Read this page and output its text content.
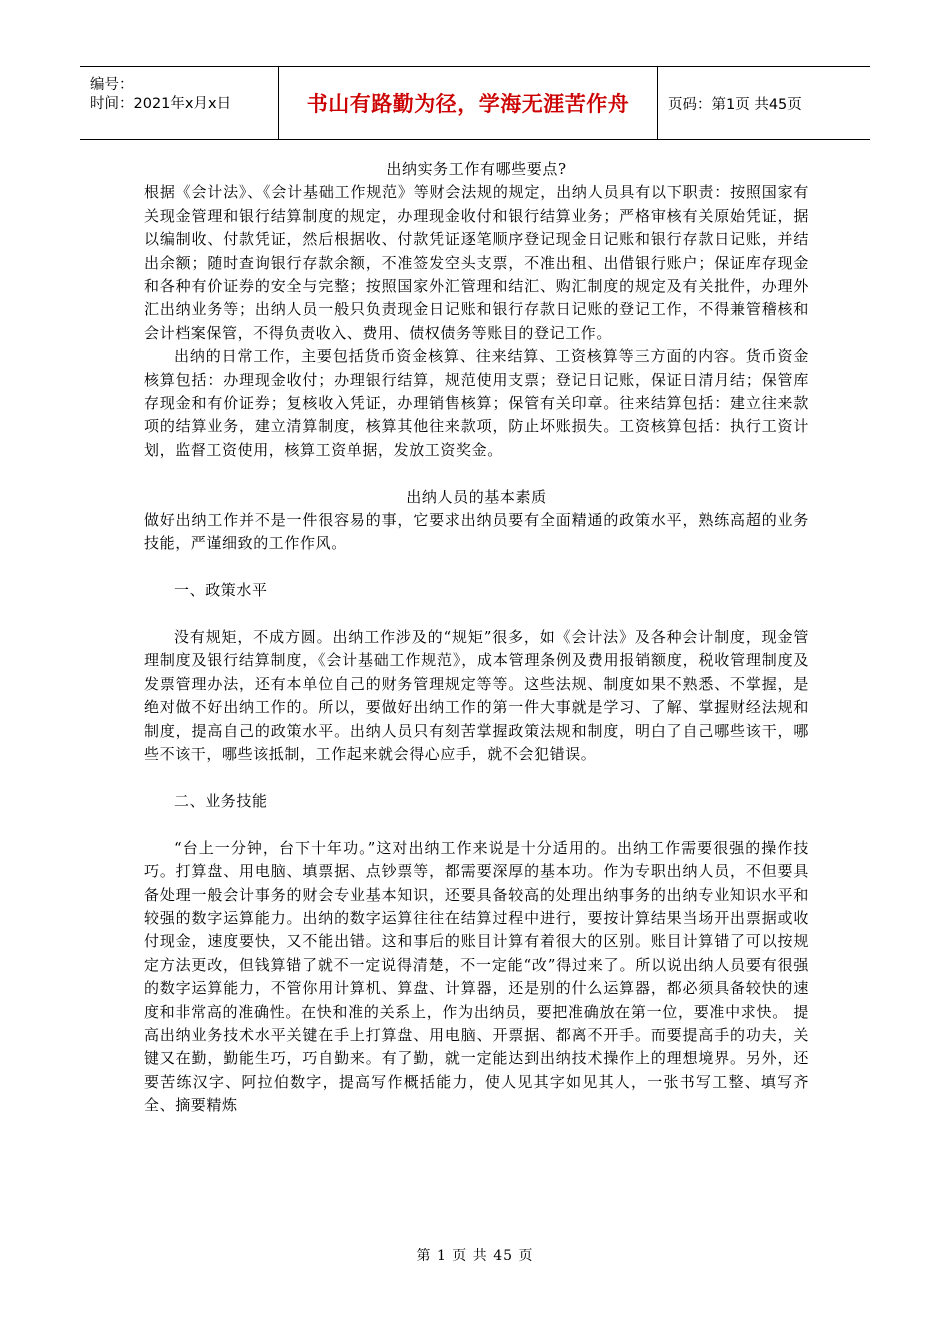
编号：
时间：2021年x月x日	书山有路勤为径，学海无涯苦作舟	页码：第1页 共45页

出纳实务工作有哪些要点?

根据《会计法》、《会计基础工作规范》等财会法规的规定，出纳人员具有以下职责：按照国家有关现金管理和银行结算制度的规定，办理现金收付和银行结算业务；严格审核有关原始凭证，据以编制收、付款凭证，然后根据收、付款凭证逐笔顺序登记现金日记账和银行存款日记账，并结出余额；随时查询银行存款余额，不准签发空头支票，不准出租、出借银行账户；保证库存现金和各种有价证券的安全与完整；按照国家外汇管理和结汇、购汇制度的规定及有关批件，办理外汇出纳业务等；出纳人员一般只负责现金日记账和银行存款日记账的登记工作，不得兼管稽核和会计档案保管，不得负责收入、费用、债权债务等账目的登记工作。

出纳的日常工作，主要包括货币资金核算、往来结算、工资核算等三方面的内容。货币资金核算包括：办理现金收付；办理银行结算，规范使用支票；登记日记账，保证日清月结；保管库存现金和有价证券；复核收入凭证，办理销售核算；保管有关印章。往来结算包括：建立往来款项的结算业务，建立清算制度，核算其他往来款项，防止坏账损失。工资核算包括：执行工资计划，监督工资使用，核算工资单据，发放工资奖金。

出纳人员的基本素质

做好出纳工作并不是一件很容易的事，它要求出纳员要有全面精通的政策水平，熟练高超的业务技能，严谨细致的工作作风。

一、政策水平

没有规矩，不成方圆。出纳工作涉及的“规矩”很多，如《会计法》及各种会计制度，现金管理制度及银行结算制度，《会计基础工作规范》，成本管理条例及费用报销额度，税收管理制度及发票管理办法，还有本单位自己的财务管理规定等等。这些法规、制度如果不熟悉、不掌握，是绝对做不好出纳工作的。所以，要做好出纳工作的第一件大事就是学习、了解、掌握财经法规和制度，提高自己的政策水平。出纳人员只有刻苦掌握政策法规和制度，明白了自己哪些该干，哪些不该干，哪些该抵制，工作起来就会得心应手，就不会犯错误。

二、业务技能

“台上一分钟，台下十年功。”这对出纳工作来说是十分适用的。出纳工作需要很强的操作技巧。打算盘、用电脑、填票据、点钞票等，都需要深厚的基本功。作为专职出纳人员，不但要具备处理一般会计事务的财会专业基本知识，还要具备较高的处理出纳事务的出纳专业知识水平和较强的数字运算能力。出纳的数字运算往往在结算过程中进行，要按计算结果当场开出票据或收付现金，速度要快，又不能出错。这和事后的账目计算有着很大的区别。账目计算错了可以按规定方法更改，但钱算错了就不一定说得清楚，不一定能“改”得过来了。所以说出纳人员要有很强的数字运算能力，不管你用计算机、算盘、计算器，还是别的什么运算器，都必须具备较快的速度和非常高的准确性。在快和准的关系上，作为出纳员，要把准确放在第一位，要准中求快。 提高出纳业务技术水平关键在手上打算盘、用电脑、开票据、都离不开手。而要提高手的功夫，关键又在勤，勤能生巧，巧自勤来。有了勤，就一定能达到出纳技术操作上的理想境界。另外，还要苦练汉字、阿拉伯数字，提高写作概括能力，使人见其字如见其人，一张书写工整、填写齐全、摘要精炼

第 1 页 共 45 页
